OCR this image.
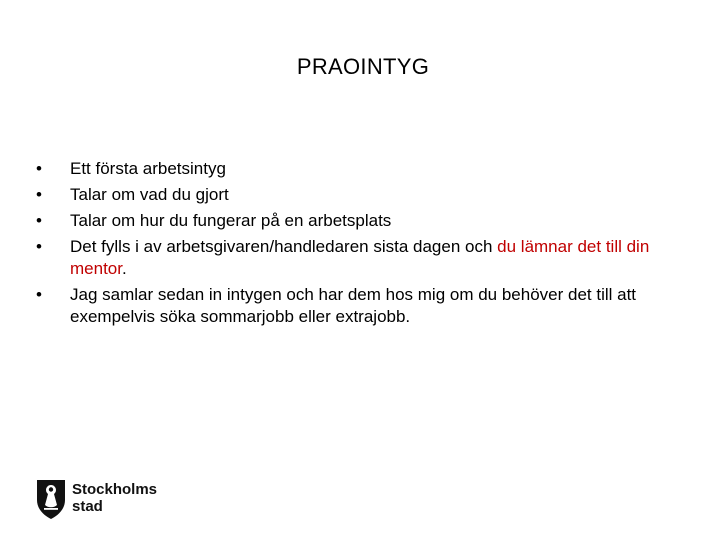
PRAOINTYG
• Ett första arbetsintyg
• Talar om vad du gjort
• Talar om hur du fungerar på en arbetsplats
• Det fylls i av arbetsgivaren/handledaren sista dagen och du lämnar det till din mentor.
• Jag samlar sedan in intygen och har dem hos mig om du behöver det till att exempelvis söka sommarjobb eller extrajobb.
Stockholms
stad
